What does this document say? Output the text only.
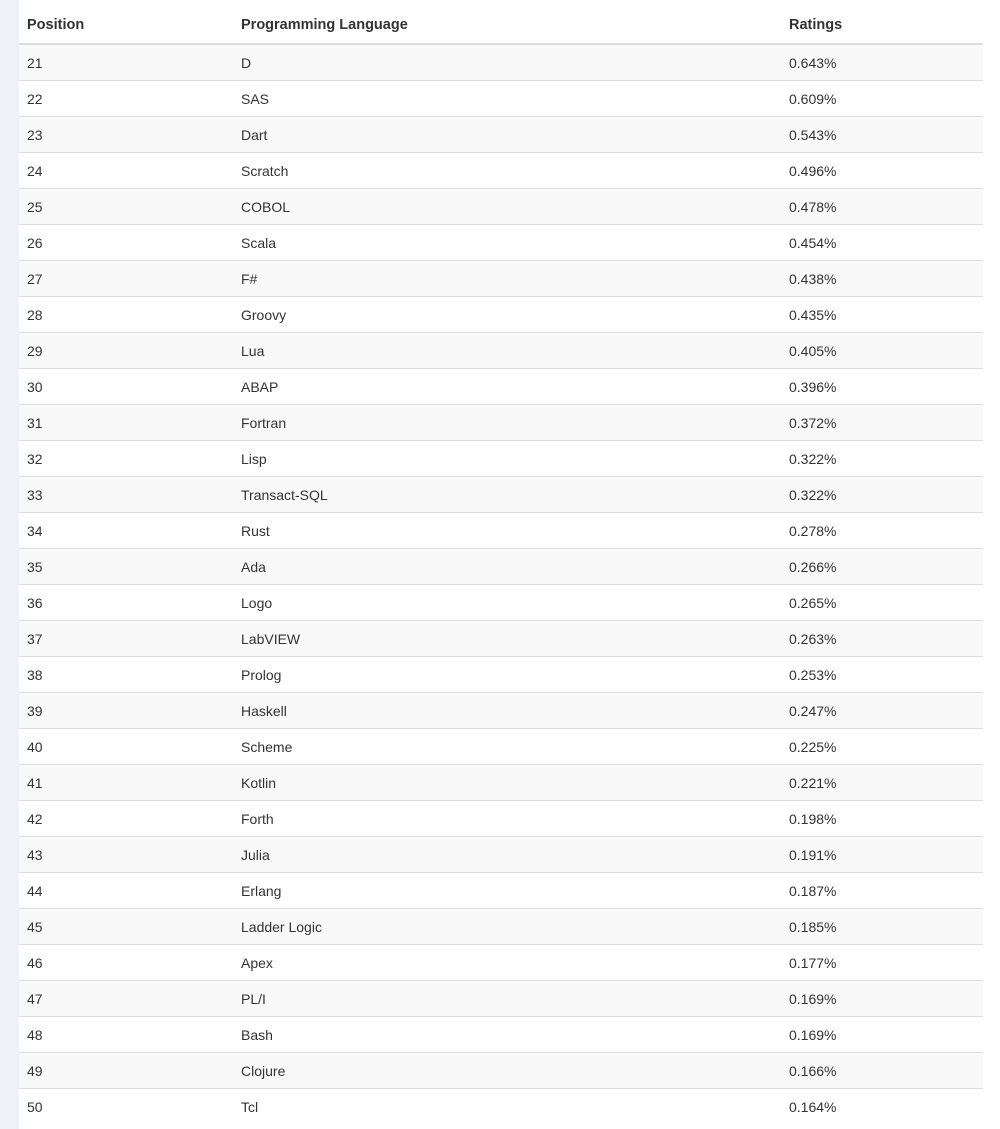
Position	Programming Language	Ratings
21	D	0.643%
22	SAS	0.609%
23	Dart	0.543%
24	Scratch	0.496%
25	COBOL	0.478%
26	Scala	0.454%
27	F#	0.438%
28	Groovy	0.435%
29	Lua	0.405%
30	ABAP	0.396%
31	Fortran	0.372%
32	Lisp	0.322%
33	Transact-SQL	0.322%
34	Rust	0.278%
35	Ada	0.266%
36	Logo	0.265%
37	LabVIEW	0.263%
38	Prolog	0.253%
39	Haskell	0.247%
40	Scheme	0.225%
41	Kotlin	0.221%
42	Forth	0.198%
43	Julia	0.191%
44	Erlang	0.187%
45	Ladder Logic	0.185%
46	Apex	0.177%
47	PL/I	0.169%
48	Bash	0.169%
49	Clojure	0.166%
50	Tcl	0.164%
